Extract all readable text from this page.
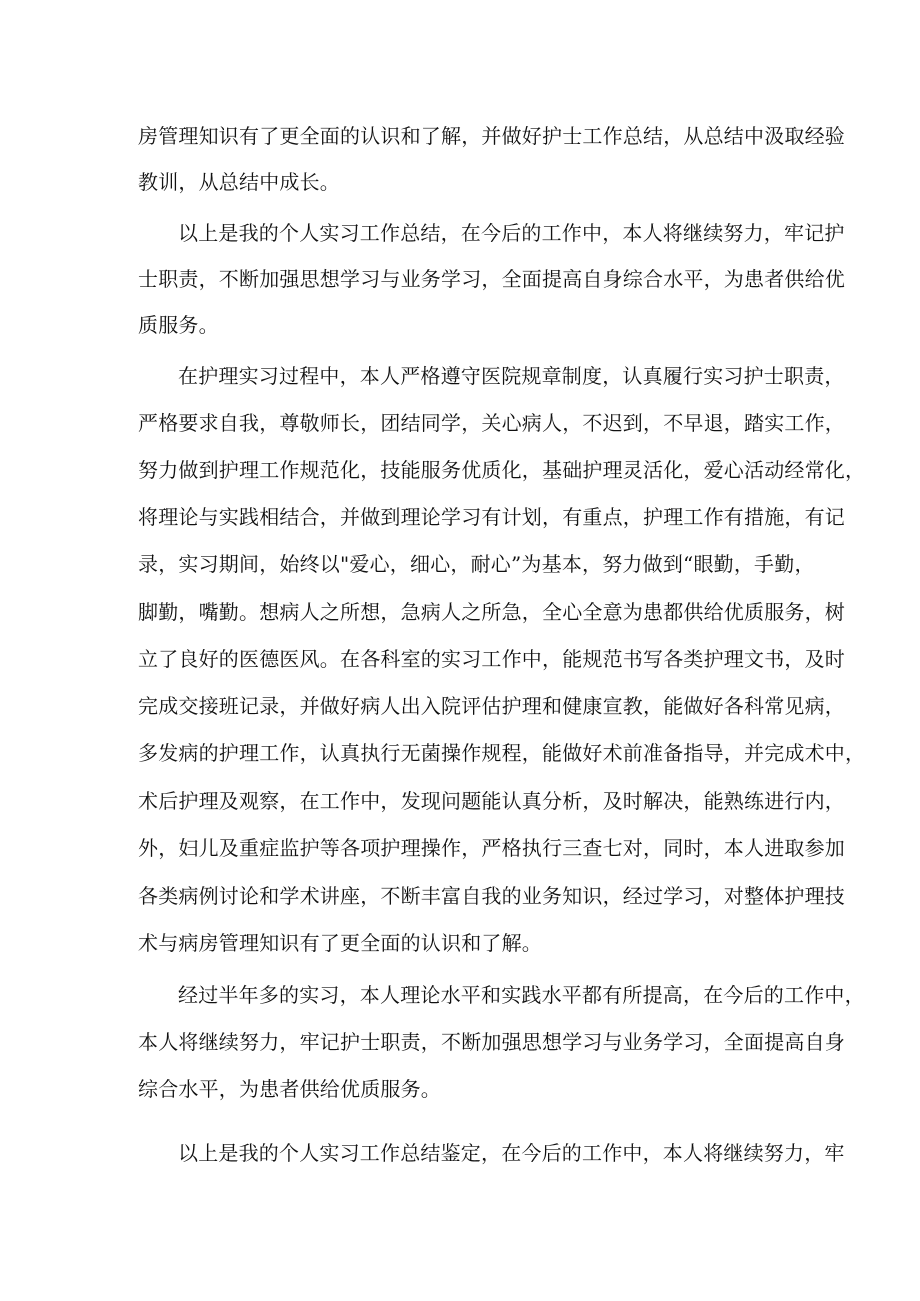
房管理知识有了更全面的认识和了解，并做好护士工作总结，从总结中汲取经验
教训，从总结中成长。
以上是我的个人实习工作总结，在今后的工作中，本人将继续努力，牢记护
士职责，不断加强思想学习与业务学习，全面提高自身综合水平，为患者供给优
质服务。
在护理实习过程中，本人严格遵守医院规章制度，认真履行实习护士职责，
严格要求自我，尊敬师长，团结同学，关心病人，不迟到，不早退，踏实工作，
努力做到护理工作规范化，技能服务优质化，基础护理灵活化，爱心活动经常化，
将理论与实践相结合，并做到理论学习有计划，有重点，护理工作有措施，有记
录，实习期间，始终以"爱心，细心，耐心”为基本，努力做到“眼勤，手勤，
脚勤，嘴勤。想病人之所想，急病人之所急，全心全意为患都供给优质服务，树
立了良好的医德医风。在各科室的实习工作中，能规范书写各类护理文书，及时
完成交接班记录，并做好病人出入院评估护理和健康宣教，能做好各科常见病，
多发病的护理工作，认真执行无菌操作规程，能做好术前准备指导，并完成术中，
术后护理及观察，在工作中，发现问题能认真分析，及时解决，能熟练进行内，
外，妇儿及重症监护等各项护理操作，严格执行三查七对，同时，本人进取参加
各类病例讨论和学术讲座，不断丰富自我的业务知识，经过学习，对整体护理技
术与病房管理知识有了更全面的认识和了解。
经过半年多的实习，本人理论水平和实践水平都有所提高，在今后的工作中，
本人将继续努力，牢记护士职责，不断加强思想学习与业务学习，全面提高自身
综合水平，为患者供给优质服务。
以上是我的个人实习工作总结鉴定，在今后的工作中，本人将继续努力，牢
